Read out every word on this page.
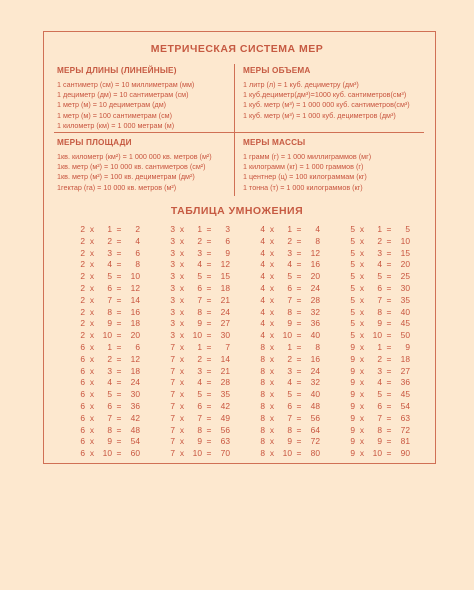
МЕТРИЧЕСКАЯ СИСТЕМА МЕР
МЕРЫ ДЛИНЫ (ЛИНЕЙНЫЕ)
1 сантиметр (см) = 10 миллиметрам (мм)
1 дециметр (дм) = 10 сантиметрам (см)
1 метр (м) = 10 дециметрам (дм)
1 метр (м) = 100 сантиметрам (см)
1 километр (км) = 1 000 метрам (м)
МЕРЫ ОБЪЕМА
1 литр (л) = 1 куб. дециметру (дм³)
1 куб.дециметр(дм³)=1000 куб. сантиметров(см³)
1 куб. метр (м³) = 1 000 000 куб. сантиметров(см³)
1 куб. метр (м³) = 1 000 куб. дециметров (дм³)
МЕРЫ ПЛОЩАДИ
1кв. километр (км²) = 1 000 000 кв. метров (м²)
1кв. метр (м²) = 10 000 кв. сантиметров (см²)
1кв. метр (м²) = 100 кв. дециметрам (дм²)
1гектар (га) = 10 000 кв. метров (м²)
МЕРЫ МАССЫ
1 грамм (г) = 1 000 миллиграммов (мг)
1 килограмм (кг) = 1 000 граммов (г)
1 центнер (ц) = 100 килограммам (кг)
1 тонна (т) = 1 000 килограммов (кг)
ТАБЛИЦА УМНОЖЕНИЯ
2 x	1 =	2
2 x	2 =	4
2 x	3 =	6
2 x	4 =	8
2 x	5 =	10
2 x	6 =	12
2 x	7 =	14
2 x	8 =	16
2 x	9 =	18
2 x	10 =	20
3 x	1 =	3
3 x	2 =	6
3 x	3 =	9
3 x	4 =	12
3 x	5 =	15
3 x	6 =	18
3 x	7 =	21
3 x	8 =	24
3 x	9 =	27
3 x	10 =	30
4 x	1 =	4
4 x	2 =	8
4 x	3 =	12
4 x	4 =	16
4 x	5 =	20
4 x	6 =	24
4 x	7 =	28
4 x	8 =	32
4 x	9 =	36
4 x	10 =	40
5 x	1 =	5
5 x	2 =	10
5 x	3 =	15
5 x	4 =	20
5 x	5 =	25
5 x	6 =	30
5 x	7 =	35
5 x	8 =	40
5 x	9 =	45
5 x	10 =	50
6 x	1 =	6
6 x	2 =	12
6 x	3 =	18
6 x	4 =	24
6 x	5 =	30
6 x	6 =	36
6 x	7 =	42
6 x	8 =	48
6 x	9 =	54
6 x	10 =	60
7 x	1 =	7
7 x	2 =	14
7 x	3 =	21
7 x	4 =	28
7 x	5 =	35
7 x	6 =	42
7 x	7 =	49
7 x	8 =	56
7 x	9 =	63
7 x	10 =	70
8 x	1 =	8
8 x	2 =	16
8 x	3 =	24
8 x	4 =	32
8 x	5 =	40
8 x	6 =	48
8 x	7 =	56
8 x	8 =	64
8 x	9 =	72
8 x	10 =	80
9 x	1 =	9
9 x	2 =	18
9 x	3 =	27
9 x	4 =	36
9 x	5 =	45
9 x	6 =	54
9 x	7 =	63
9 x	8 =	72
9 x	9 =	81
9 x	10 =	90
